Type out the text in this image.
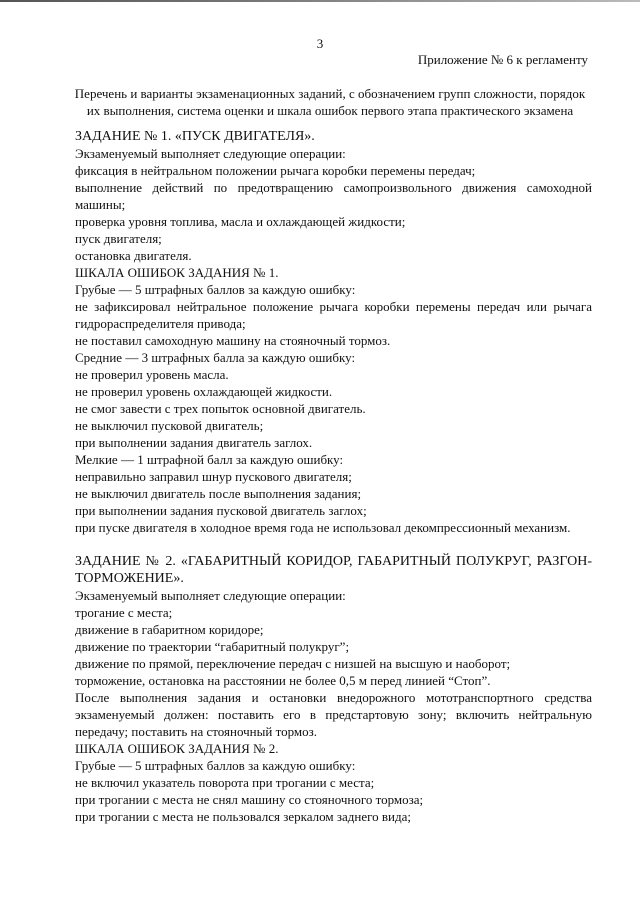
3
Приложение № 6 к регламенту
Перечень и варианты экзаменационных заданий, с обозначением групп сложности, порядок
их выполнения, система оценки и шкала ошибок первого этапа практического экзамена
ЗАДАНИЕ № 1. «ПУСК ДВИГАТЕЛЯ».
Экзаменуемый выполняет следующие операции:
фиксация в нейтральном положении рычага коробки перемены передач;
выполнение действий по предотвращению самопроизвольного движения самоходной машины;
проверка уровня топлива, масла и охлаждающей жидкости;
пуск двигателя;
остановка двигателя.
ШКАЛА ОШИБОК ЗАДАНИЯ № 1.
Грубые — 5 штрафных баллов за каждую ошибку:
не зафиксировал нейтральное положение рычага коробки перемены передач или рычага гидрораспределителя привода;
не поставил самоходную машину на стояночный тормоз.
Средние — 3 штрафных балла за каждую ошибку:
не проверил уровень масла.
не проверил уровень охлаждающей жидкости.
не смог завести с трех попыток основной двигатель.
не выключил пусковой двигатель;
при выполнении задания двигатель заглох.
Мелкие — 1 штрафной балл за каждую ошибку:
неправильно заправил шнур пускового двигателя;
не выключил двигатель после выполнения задания;
при выполнении задания пусковой двигатель заглох;
при пуске двигателя в холодное время года не использовал декомпрессионный механизм.
ЗАДАНИЕ № 2. «ГАБАРИТНЫЙ КОРИДОР, ГАБАРИТНЫЙ ПОЛУКРУГ, РАЗГОН-ТОРМОЖЕНИЕ».
Экзаменуемый выполняет следующие операции:
трогание с места;
движение в габаритном коридоре;
движение по траектории “габаритный полукруг”;
движение по прямой, переключение передач с низшей на высшую и наоборот;
торможение, остановка на расстоянии не более 0,5 м перед линией “Стоп”.
После выполнения задания и остановки внедорожного мототранспортного средства экзаменуемый должен: поставить его в предстартовую зону; включить нейтральную передачу; поставить на стояночный тормоз.
ШКАЛА ОШИБОК ЗАДАНИЯ № 2.
Грубые — 5 штрафных баллов за каждую ошибку:
не включил указатель поворота при трогании с места;
при трогании с места не снял машину со стояночного тормоза;
при трогании с места не пользовался зеркалом заднего вида;
